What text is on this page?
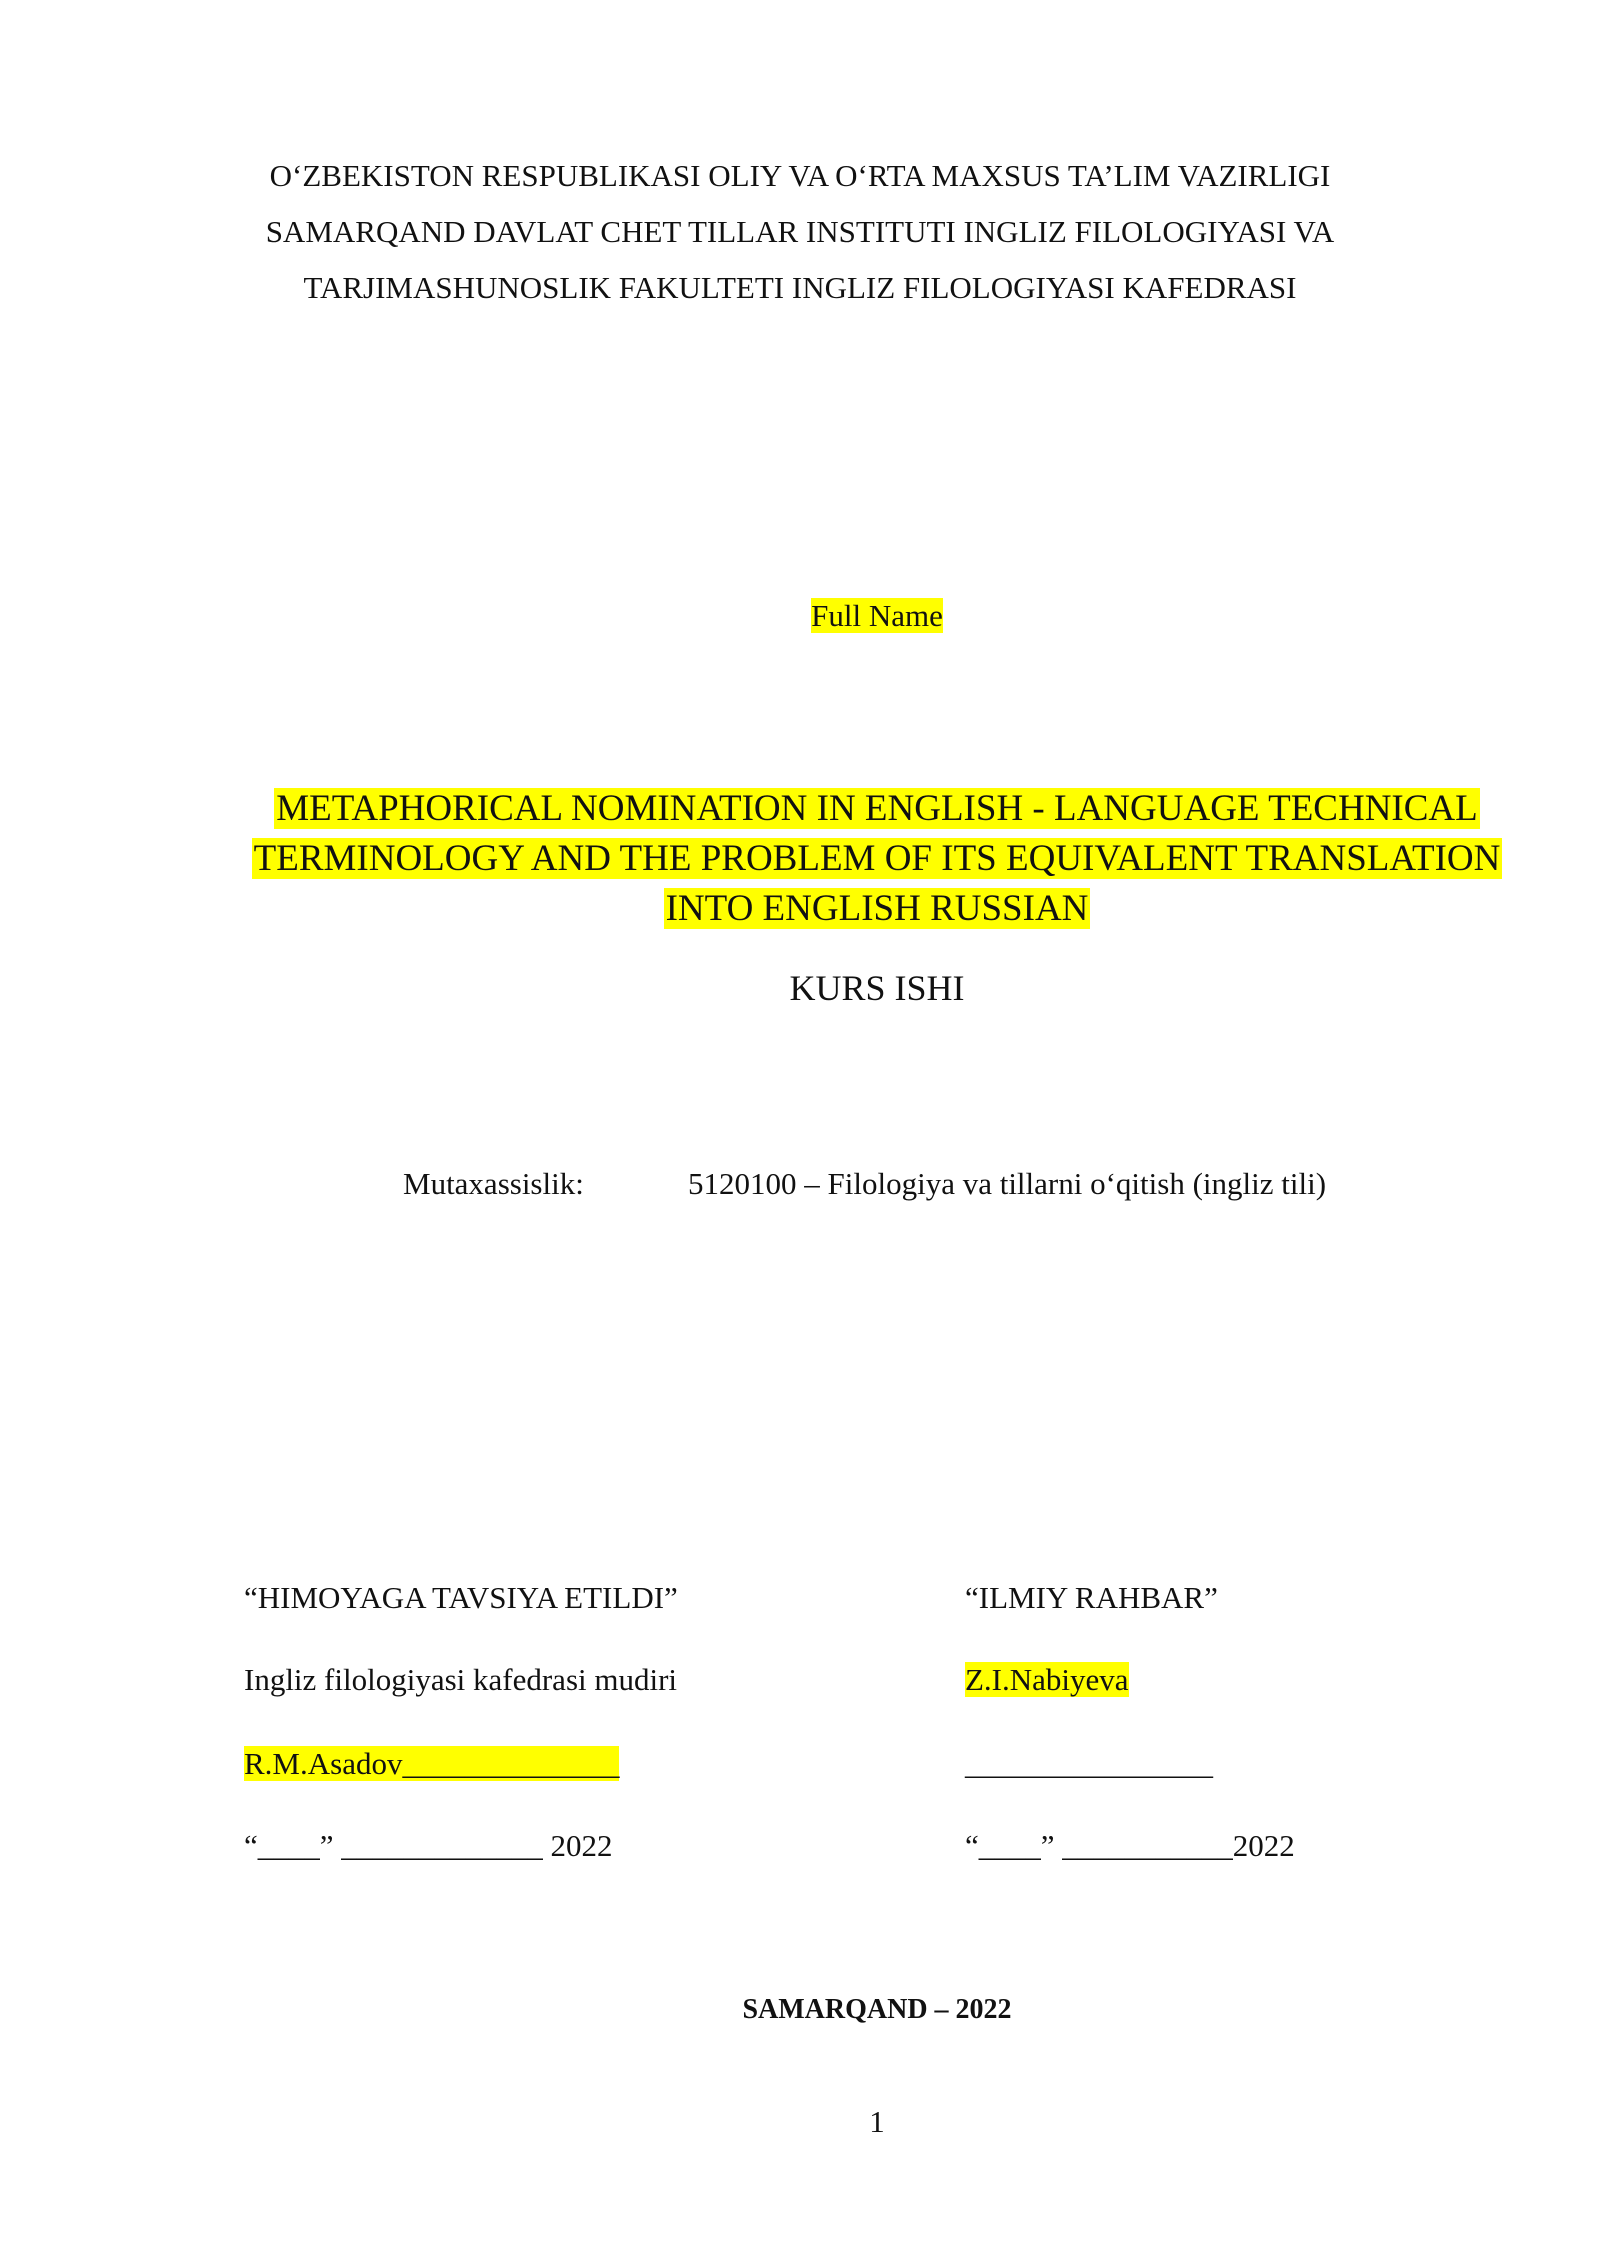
O‘ZBEKISTON RESPUBLIKASI OLIY VA O‘RTA MAXSUS TA’LIM VAZIRLIGI
SAMARQAND DAVLAT CHET TILLAR INSTITUTI INGLIZ FILOLOGIYASI VA
TARJIMASHUNOSLIK FAKULTETI INGLIZ FILOLOGIYASI KAFEDRASI
Full Name
METAPHORICAL NOMINATION IN ENGLISH - LANGUAGE TECHNICAL
TERMINOLOGY AND THE PROBLEM OF ITS EQUIVALENT TRANSLATION
INTO ENGLISH RUSSIAN
KURS ISHI
Mutaxassislik:	5120100 – Filologiya va tillarni o‘qitish (ingliz tili)
“HIMOYAGA TAVSIYA ETILDI”
Ingliz filologiyasi kafedrasi mudiri
R.M.Asadov______________
“____” _____________ 2022
“ILMIY RAHBAR”
Z.I.Nabiyeva
________________
“____” ___________2022
SAMARQAND – 2022
1
